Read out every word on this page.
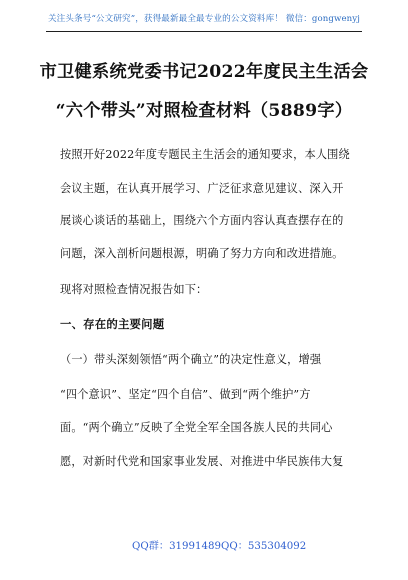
关注头条号“公文研究”，获得最新最全最专业的公文资料库！ 微信：gongwenyj
市卫健系统党委书记2022年度民主生活会
“六个带头”对照检查材料（5889字）
按照开好2022年度专题民主生活会的通知要求，本人围绕
会议主题，在认真开展学习、广泛征求意见建议、深入开
展谈心谈话的基础上，围绕六个方面内容认真查摆存在的
问题，深入剖析问题根源，明确了努力方向和改进措施。
现将对照检查情况报告如下：
一、存在的主要问题
（一）带头深刻领悟“两个确立”的决定性意义，增强
“四个意识”、坚定“四个自信”、做到“两个维护”方
面。“两个确立”反映了全党全军全国各族人民的共同心
愿，对新时代党和国家事业发展、对推进中华民族伟大复
QQ群：31991489 QQ：535304092
